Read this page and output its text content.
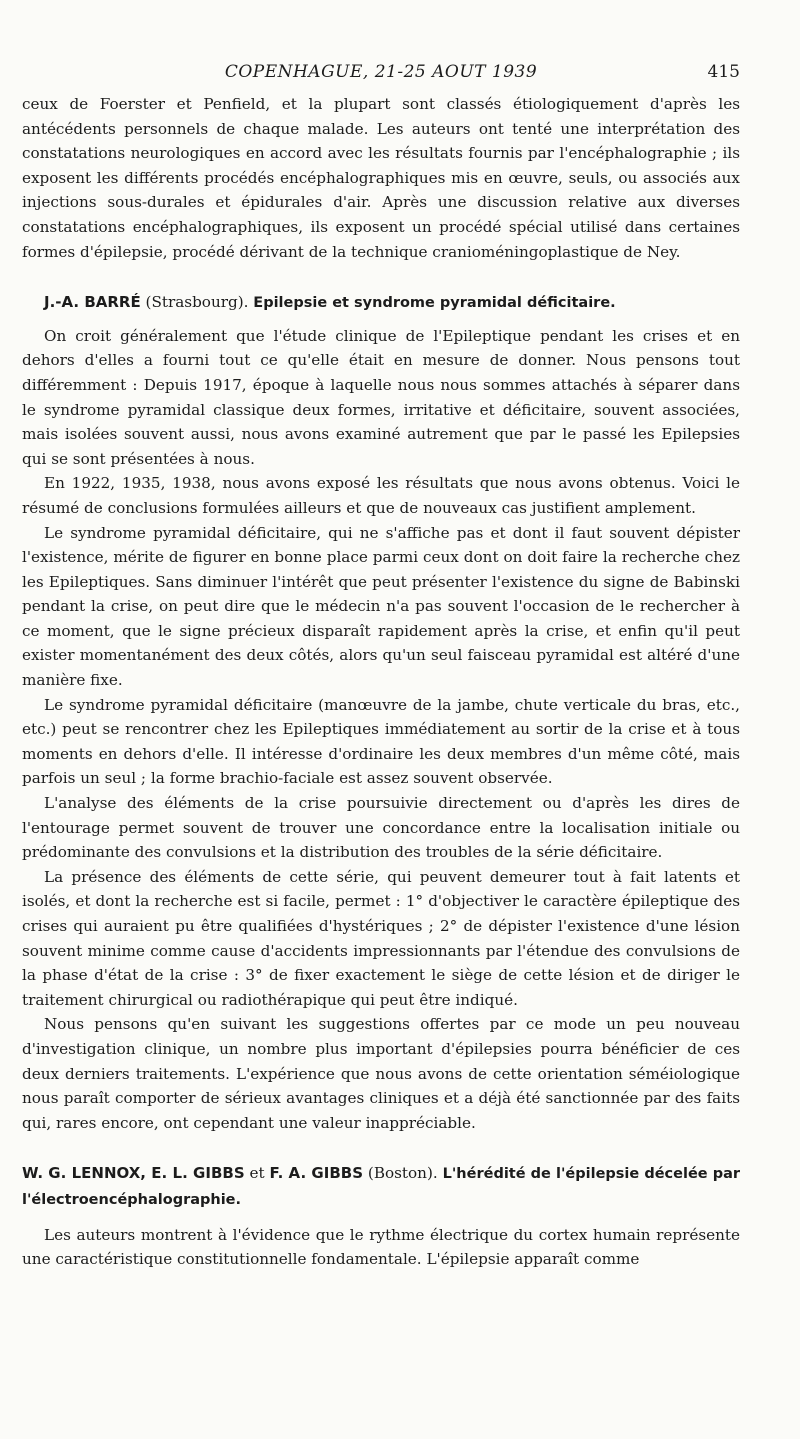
COPENHAGUE, 21-25 AOUT 1939	415

ceux de Foerster et Penfield, et la plupart sont classés étiologiquement d'après les antécédents personnels de chaque malade. Les auteurs ont tenté une interprétation des constatations neurologiques en accord avec les résultats fournis par l'encéphalographie ; ils exposent les différents procédés encéphalographiques mis en œuvre, seuls, ou associés aux injections sous-durales et épidurales d'air. Après une discussion relative aux diverses constatations encéphalographiques, ils exposent un procédé spécial utilisé dans certaines formes d'épilepsie, procédé dérivant de la technique cranioméningoplastique de Ney.

J.-A. BARRÉ (Strasbourg). Epilepsie et syndrome pyramidal déficitaire.

On croit généralement que l'étude clinique de l'Epileptique pendant les crises et en dehors d'elles a fourni tout ce qu'elle était en mesure de donner. Nous pensons tout différemment : Depuis 1917, époque à laquelle nous nous sommes attachés à séparer dans le syndrome pyramidal classique deux formes, irritative et déficitaire, souvent associées, mais isolées souvent aussi, nous avons examiné autrement que par le passé les Epilepsies qui se sont présentées à nous.

En 1922, 1935, 1938, nous avons exposé les résultats que nous avons obtenus. Voici le résumé de conclusions formulées ailleurs et que de nouveaux cas justifient amplement.

Le syndrome pyramidal déficitaire, qui ne s'affiche pas et dont il faut souvent dépister l'existence, mérite de figurer en bonne place parmi ceux dont on doit faire la recherche chez les Epileptiques. Sans diminuer l'intérêt que peut présenter l'existence du signe de Babinski pendant la crise, on peut dire que le médecin n'a pas souvent l'occasion de le rechercher à ce moment, que le signe précieux disparaît rapidement après la crise, et enfin qu'il peut exister momentanément des deux côtés, alors qu'un seul faisceau pyramidal est altéré d'une manière fixe.

Le syndrome pyramidal déficitaire (manœuvre de la jambe, chute verticale du bras, etc., etc.) peut se rencontrer chez les Epileptiques immédiatement au sortir de la crise et à tous moments en dehors d'elle. Il intéresse d'ordinaire les deux membres d'un même côté, mais parfois un seul ; la forme brachio-faciale est assez souvent observée.

L'analyse des éléments de la crise poursuivie directement ou d'après les dires de l'entourage permet souvent de trouver une concordance entre la localisation initiale ou prédominante des convulsions et la distribution des troubles de la série déficitaire.

La présence des éléments de cette série, qui peuvent demeurer tout à fait latents et isolés, et dont la recherche est si facile, permet : 1° d'objectiver le caractère épileptique des crises qui auraient pu être qualifiées d'hystériques ; 2° de dépister l'existence d'une lésion souvent minime comme cause d'accidents impressionnants par l'étendue des convulsions de la phase d'état de la crise : 3° de fixer exactement le siège de cette lésion et de diriger le traitement chirurgical ou radiothérapique qui peut être indiqué.

Nous pensons qu'en suivant les suggestions offertes par ce mode un peu nouveau d'investigation clinique, un nombre plus important d'épilepsies pourra bénéficier de ces deux derniers traitements. L'expérience que nous avons de cette orientation séméiologique nous paraît comporter de sérieux avantages cliniques et a déjà été sanctionnée par des faits qui, rares encore, ont cependant une valeur inappréciable.

W. G. LENNOX, E. L. GIBBS et F. A. GIBBS (Boston). L'hérédité de l'épilepsie décelée par l'électroencéphalographie.

Les auteurs montrent à l'évidence que le rythme électrique du cortex humain représente une caractéristique constitutionnelle fondamentale. L'épilepsie apparaît comme
